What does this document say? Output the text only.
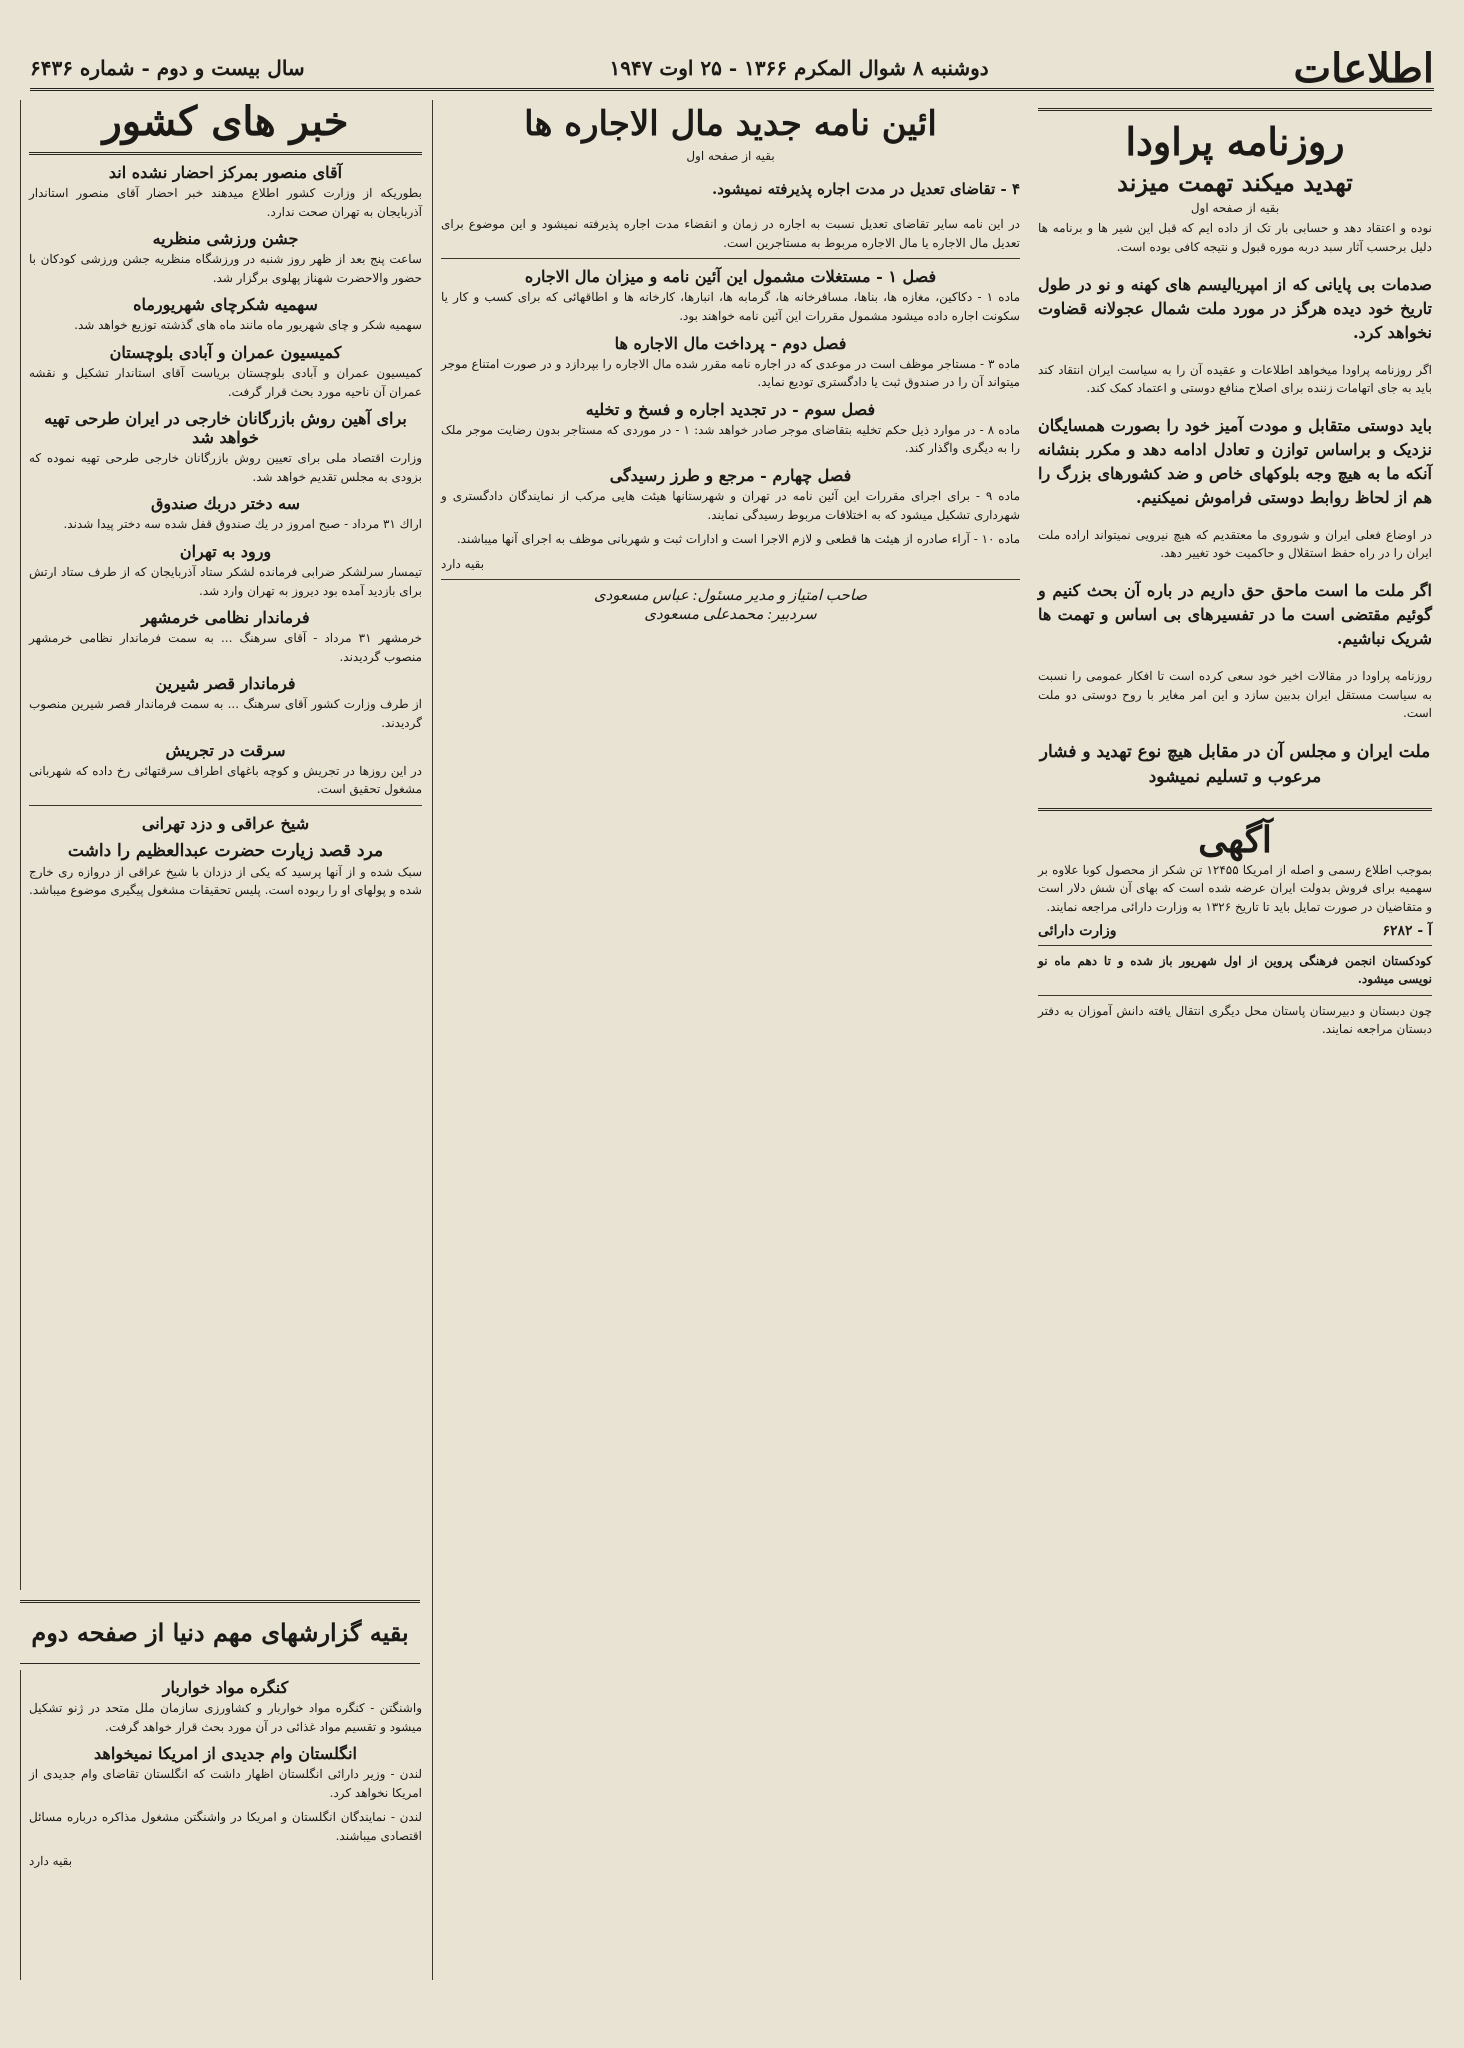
اطلاعات
دوشنبه ۸ شوال المکرم ۱۳۶۶ - ۲۵ اوت ۱۹۴۷
سال بیست و دوم - شماره ۶۴۳۶
روزنامه پراودا
تهدید میکند تهمت میزند
بقیه از صفحه اول

نوده و اعتقاد دهد و حسابی بار تک از داده ایم که قبل این شیر ها و برنامه ها دلیل برحسب آثار سبد دربه موره قبول و نتیجه کافی بوده است.

صدمات بی پایانی که از امپریالیسم های کهنه و نو در طول تاریخ خود دیده هرگز در مورد ملت شمال عجولانه قضاوت نخواهد کرد.

اگر روزنامه پراودا میخواهد اطلاعات و عقیده آن را به سیاست ایران انتقاد کند باید به جای اتهامات زننده برای اصلاح منافع دوستی و اعتماد کمک کند.

باید دوستی متقابل و مودت آمیز خود را بصورت همسایگان نزدیک و براساس توازن و تعادل ادامه دهد و مکرر بنشانه آنکه ما به هیچ وجه بلوکهای خاص و ضد کشورهای بزرگ را هم از لحاظ روابط دوستی فراموش نمیکنیم.

در اوضاع فعلی ایران و شوروی ما معتقدیم که هیچ نیرویی نمیتواند اراده ملت ایران را در راه حفظ استقلال و حاکمیت خود تغییر دهد.

اگر ملت ما است ماحق حق داریم در باره آن بحث کنیم و گوئیم مقتضی است ما در تفسیرهای بی اساس و تهمت ها شریک نباشیم.

روزنامه پراودا در مقالات اخیر خود سعی کرده است تا افکار عمومی را نسبت به سیاست مستقل ایران بدبین سازد و این امر مغایر با روح دوستی دو ملت است.

ملت ایران و مجلس آن در مقابل هیچ نوع تهدید و فشار مرعوب و تسلیم نمیشود

آگهی

بموجب اطلاع رسمی و اصله از امریکا ۱۲۴۵۵ تن شکر از محصول کوبا علاوه بر سهمیه برای فروش بدولت ایران عرضه شده است که بهای آن شش دلار است و متقاضیان در صورت تمایل باید تا تاریخ ۱۳۲۶ به وزارت دارائی مراجعه نمایند.

آ - ۶۲۸۲
وزارت دارائی

کودکستان انجمن فرهنگی پروین از اول شهریور باز شده و تا دهم ماه نو نویسی میشود.

چون دبستان و دبیرستان پاستان محل دیگری انتقال یافته دانش آموزان به دفتر دبستان مراجعه نمایند.

ائین نامه جدید مال الاجاره ها
بقیه از صفحه اول

۴ - تقاضای تعدیل در مدت اجاره پذیرفته نمیشود.

در این نامه سایر تقاضای تعدیل نسبت به اجاره در زمان و انقضاء مدت اجاره پذیرفته نمیشود و این موضوع برای تعدیل مال الاجاره یا مال الاجاره مربوط به مستاجرین است.

فصل ۱ - مستغلات مشمول این آئین نامه و میزان مال الاجاره

ماده ۱ - دکاکین، مغازه ها، بناها، مسافرخانه ها، گرمابه ها، انبارها، کارخانه ها و اطاقهائی که برای کسب و کار یا سکونت اجاره داده میشود مشمول مقررات این آئین نامه خواهند بود.

فصل دوم - پرداخت مال الاجاره ها

ماده ۳ - مستاجر موظف است در موعدی که در اجاره نامه مقرر شده مال الاجاره را بپردازد و در صورت امتناع موجر میتواند آن را در صندوق ثبت یا دادگستری تودیع نماید.

فصل سوم - در تجدید اجاره و فسخ و تخلیه

ماده ۸ - در موارد ذیل حکم تخلیه بتقاضای موجر صادر خواهد شد: ۱ - در موردی که مستاجر بدون رضایت موجر ملک را به دیگری واگذار کند.

فصل چهارم - مرجع و طرز رسیدگی

ماده ۹ - برای اجرای مقررات این آئین نامه در تهران و شهرستانها هیئت هایی مرکب از نمایندگان دادگستری و شهرداری تشکیل میشود که به اختلافات مربوط رسیدگی نمایند.

ماده ۱۰ - آراء صادره از هیئت ها قطعی و لازم الاجرا است و ادارات ثبت و شهربانی موظف به اجرای آنها میباشند.

بقیه دارد

صاحب امتیاز و مدیر مسئول: عباس مسعودی
سردبیر: محمدعلی مسعودی
خبر های کشور
آقای منصور بمرکز احضار نشده اند

بطوریکه از وزارت کشور اطلاع میدهند خبر احضار آقای منصور استاندار آذربایجان به تهران صحت ندارد.

جشن ورزشی منظریه

ساعت پنج بعد از ظهر روز شنبه در ورزشگاه منظریه جشن ورزشی کودکان با حضور والاحضرت شهناز پهلوی برگزار شد.

سهمیه شکرچای شهریورماه

سهمیه شکر و چای شهریور ماه مانند ماه های گذشته توزیع خواهد شد.

کمیسیون عمران و آبادی بلوچستان

کمیسیون عمران و آبادی بلوچستان بریاست آقای استاندار تشکیل و نقشه عمران آن ناحیه مورد بحث قرار گرفت.

برای آهین روش بازرگانان خارجی در ایران طرحی تهیه خواهد شد

وزارت اقتصاد ملی برای تعیین روش بازرگانان خارجی طرحی تهیه نموده که بزودی به مجلس تقدیم خواهد شد.

سه دختر دربك صندوق

اراك ۳۱ مرداد - صبح امروز در یك صندوق قفل شده سه دختر پیدا شدند.

ورود به تهران

تیمسار سرلشکر ضرابی فرمانده لشکر ستاد آذربایجان که از طرف ستاد ارتش برای بازدید آمده بود دیروز به تهران وارد شد.

فرماندار نظامی خرمشهر

خرمشهر ۳۱ مرداد - آقای سرهنگ ... به سمت فرماندار نظامی خرمشهر منصوب گردیدند.

فرماندار قصر شیرین

از طرف وزارت کشور آقای سرهنگ ... به سمت فرماندار قصر شیرین منصوب گردیدند.

سرقت در تجریش

در این روزها در تجریش و کوچه باغهای اطراف سرقتهائی رخ داده که شهربانی مشغول تحقیق است.

شیخ عراقی و دزد تهرانی
مرد قصد زیارت حضرت عبدالعظیم را داشت

سبک شده و از آنها پرسید که یکی از دزدان با شیخ عراقی از دروازه ری خارج شده و پولهای او را ربوده است. پلیس تحقیقات مشغول پیگیری موضوع میباشد.

بقیه گزارشهای مهم دنیا از صفحه دوم
کنگره مواد خواربار

واشنگتن - کنگره مواد خواربار و کشاورزی سازمان ملل متحد در ژنو تشکیل میشود و تقسیم مواد غذائی در آن مورد بحث قرار خواهد گرفت.

انگلستان وام جدیدی از امریکا نمیخواهد

لندن - وزیر دارائی انگلستان اظهار داشت که انگلستان تقاضای وام جدیدی از امریکا نخواهد کرد.

لندن - نمایندگان انگلستان و امریکا در واشنگتن مشغول مذاکره درباره مسائل اقتصادی میباشند.

بقیه دارد
